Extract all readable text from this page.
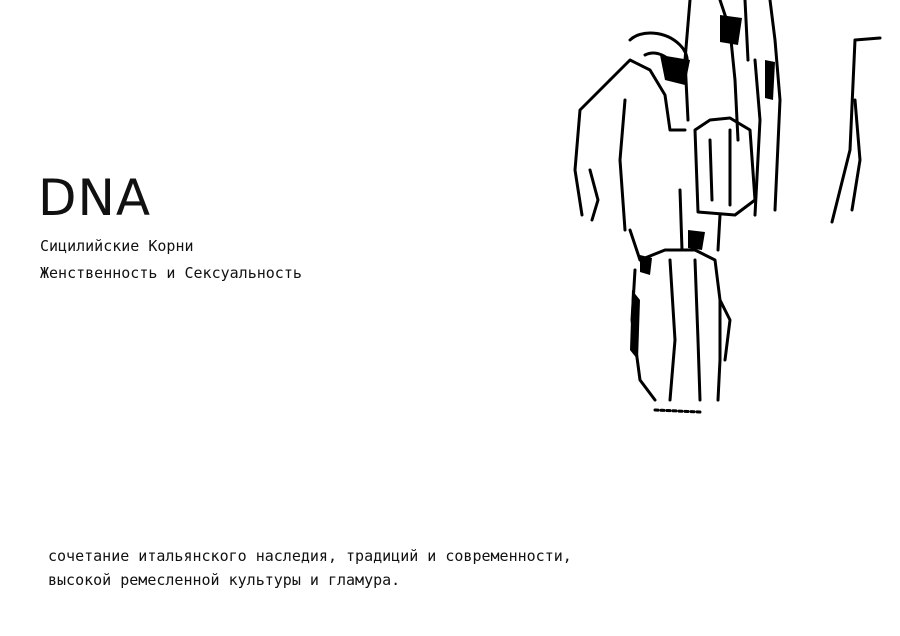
DNA

Сицилийские Корни

Женственность и Сексуальность

сочетание итальянского наследия, традиций и современности,
высокой ремесленной культуры и гламура.
